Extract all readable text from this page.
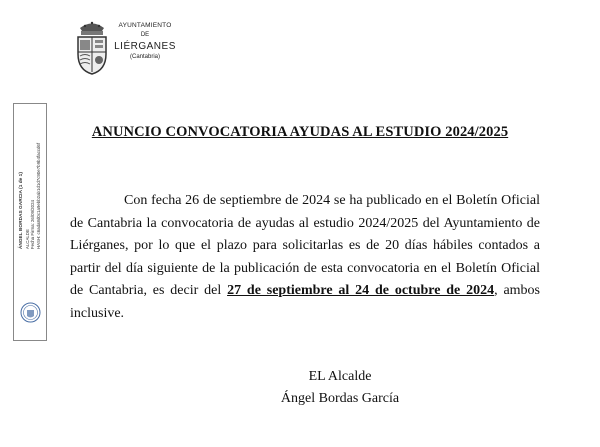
AYUNTAMIENTO
DE
LIÉRGANES
(Cantabria)
ÁNGEL BORDAS GARCIA (1 de 1) ALCALDE Fecha Firma: 26/09/2024 HASH: c6ada8d0c1a9ebb2ab1d1d7c90e7b9b4faccd6f
ANUNCIO CONVOCATORIA AYUDAS AL ESTUDIO 2024/2025

Con fecha 26 de septiembre de 2024 se ha publicado en el Boletín Oficial de Cantabria la convocatoria de ayudas al estudio 2024/2025 del Ayuntamiento de Liérganes, por lo que el plazo para solicitarlas es de 20 días hábiles contados a partir del día siguiente de la publicación de esta convocatoria en el Boletín Oficial de Cantabria, es decir del 27 de septiembre al 24 de octubre de 2024, ambos inclusive.

EL Alcalde
Ángel Bordas García
